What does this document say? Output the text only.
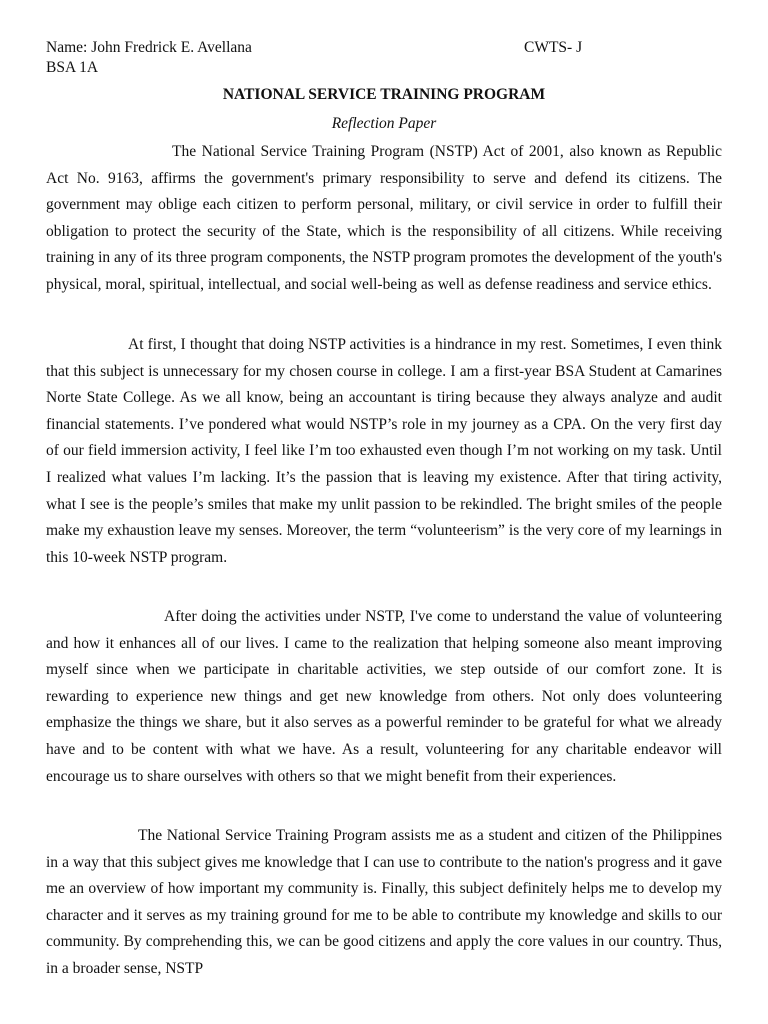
Name: John Fredrick E. Avellana	CWTS- J
BSA 1A
NATIONAL SERVICE TRAINING PROGRAM
Reflection Paper

The National Service Training Program (NSTP) Act of 2001, also known as Republic Act No. 9163, affirms the government's primary responsibility to serve and defend its citizens. The government may oblige each citizen to perform personal, military, or civil service in order to fulfill their obligation to protect the security of the State, which is the responsibility of all citizens. While receiving training in any of its three program components, the NSTP program promotes the development of the youth's physical, moral, spiritual, intellectual, and social well-being as well as defense readiness and service ethics.

At first, I thought that doing NSTP activities is a hindrance in my rest. Sometimes, I even think that this subject is unnecessary for my chosen course in college. I am a first-year BSA Student at Camarines Norte State College. As we all know, being an accountant is tiring because they always analyze and audit financial statements. I’ve pondered what would NSTP’s role in my journey as a CPA. On the very first day of our field immersion activity, I feel like I’m too exhausted even though I’m not working on my task. Until I realized what values I’m lacking. It’s the passion that is leaving my existence. After that tiring activity, what I see is the people’s smiles that make my unlit passion to be rekindled. The bright smiles of the people make my exhaustion leave my senses. Moreover, the term “volunteerism” is the very core of my learnings in this 10-week NSTP program.

After doing the activities under NSTP, I've come to understand the value of volunteering and how it enhances all of our lives. I came to the realization that helping someone also meant improving myself since when we participate in charitable activities, we step outside of our comfort zone. It is rewarding to experience new things and get new knowledge from others. Not only does volunteering emphasize the things we share, but it also serves as a powerful reminder to be grateful for what we already have and to be content with what we have. As a result, volunteering for any charitable endeavor will encourage us to share ourselves with others so that we might benefit from their experiences.

The National Service Training Program assists me as a student and citizen of the Philippines in a way that this subject gives me knowledge that I can use to contribute to the nation's progress and it gave me an overview of how important my community is. Finally, this subject definitely helps me to develop my character and it serves as my training ground for me to be able to contribute my knowledge and skills to our community. By comprehending this, we can be good citizens and apply the core values in our country. Thus, in a broader sense, NSTP
